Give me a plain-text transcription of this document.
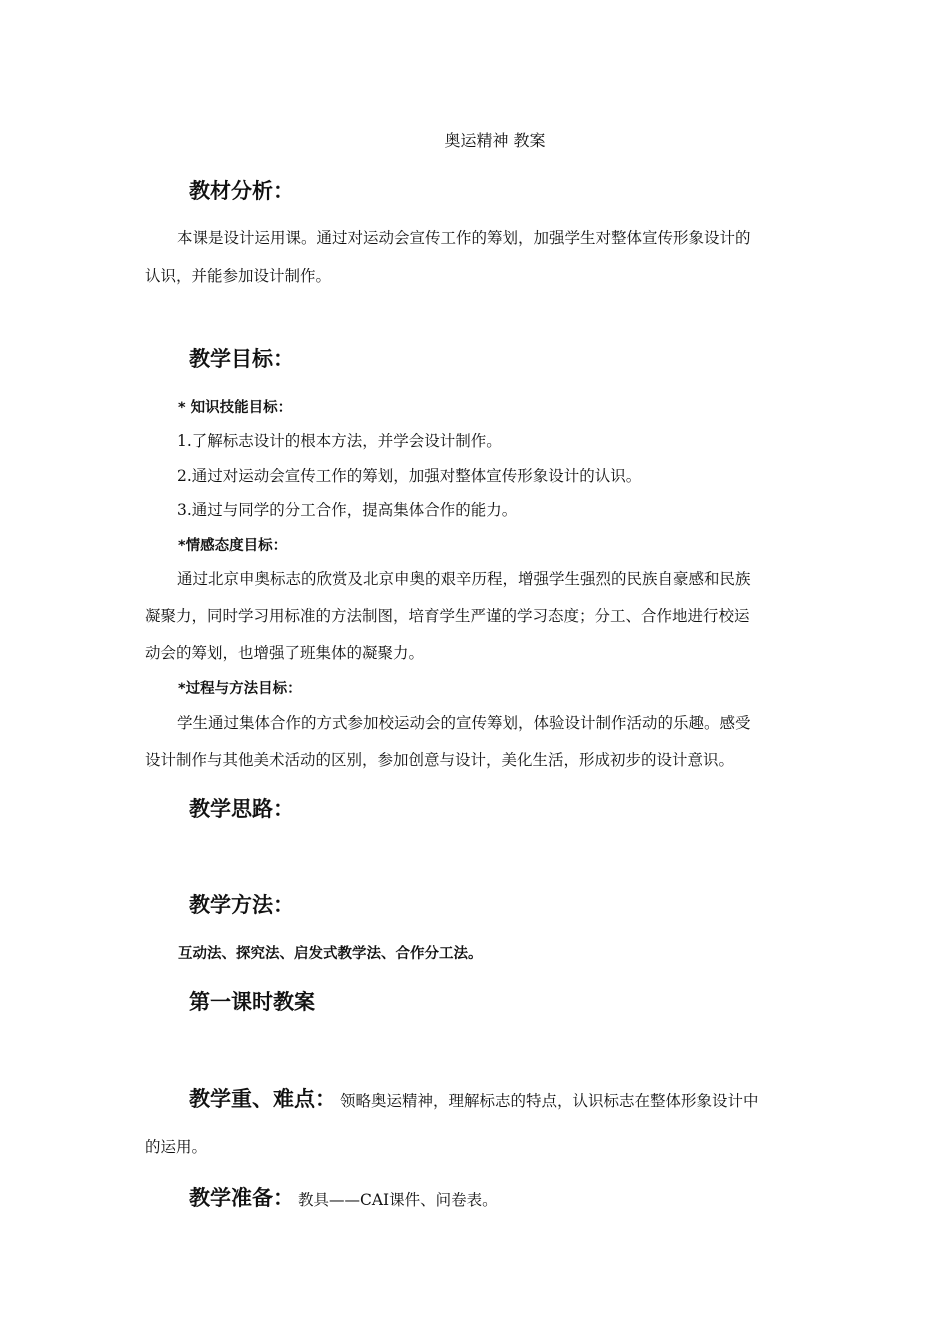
奥运精神 教案
教材分析：
本课是设计运用课。通过对运动会宣传工作的筹划，加强学生对整体宣传形象设计的
认识，并能参加设计制作。
教学目标：
* 知识技能目标：
1.了解标志设计的根本方法，并学会设计制作。
2.通过对运动会宣传工作的筹划，加强对整体宣传形象设计的认识。
3.通过与同学的分工合作，提高集体合作的能力。
*情感态度目标：
通过北京申奥标志的欣赏及北京申奥的艰辛历程，增强学生强烈的民族自豪感和民族
凝聚力，同时学习用标准的方法制图，培育学生严谨的学习态度；分工、合作地进行校运
动会的筹划，也增强了班集体的凝聚力。
*过程与方法目标：
学生通过集体合作的方式参加校运动会的宣传筹划，体验设计制作活动的乐趣。感受
设计制作与其他美术活动的区别，参加创意与设计，美化生活，形成初步的设计意识。
教学思路：
教学方法：
互动法、探究法、启发式教学法、合作分工法。
第一课时教案
教学重、难点： 领略奥运精神，理解标志的特点，认识标志在整体形象设计中
的运用。
教学准备： 教具——CAI课件、问卷表。
